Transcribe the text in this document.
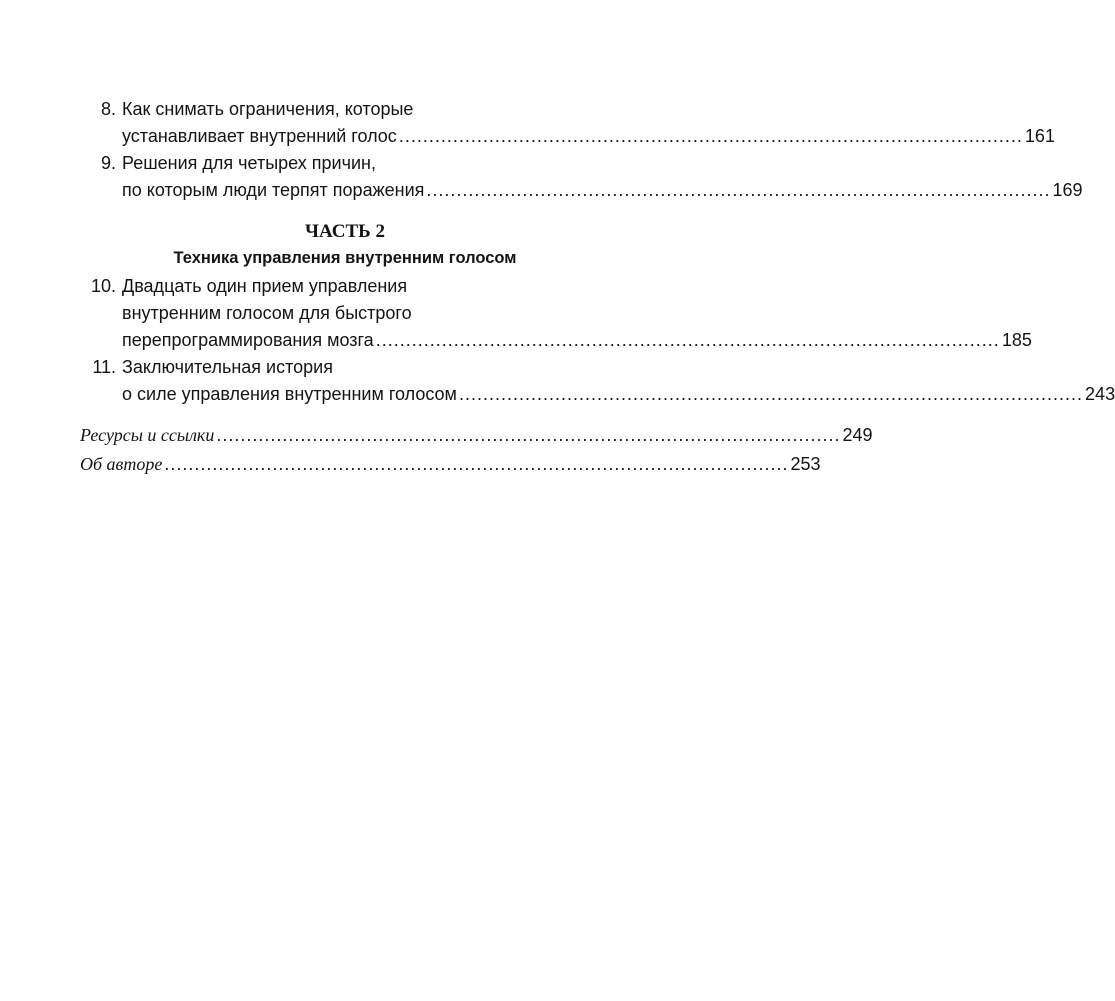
8. Как снимать ограничения, которые
устанавливает внутренний голос ........................................................................................................ 161
9. Решения для четырех причин,
по которым люди терпят поражения ........................................................................................................ 169
ЧАСТЬ 2
Техника управления внутренним голосом
10. Двадцать один прием управления
внутренним голосом для быстрого
перепрограммирования мозга ........................................................................................................ 185
11. Заключительная история
о силе управления внутренним голосом ........................................................................................................ 243
Ресурсы и ссылки ........................................................................................................ 249
Об авторе ........................................................................................................ 253
